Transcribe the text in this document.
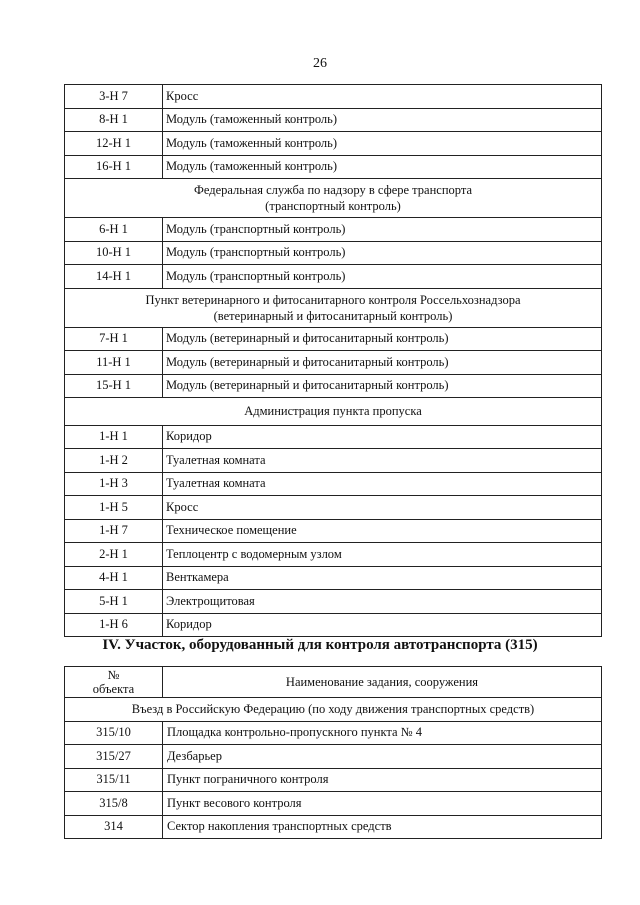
26
3-Н 7	Кросс
8-Н 1	Модуль (таможенный контроль)
12-Н 1	Модуль (таможенный контроль)
16-Н 1	Модуль (таможенный контроль)
Федеральная служба по надзору в сфере транспорта
(транспортный контроль)	
6-Н 1	Модуль (транспортный контроль)
10-Н 1	Модуль (транспортный контроль)
14-Н 1	Модуль (транспортный контроль)
Пункт ветеринарного и фитосанитарного контроля Россельхознадзора
(ветеринарный и фитосанитарный контроль)	
7-Н 1	Модуль (ветеринарный и фитосанитарный контроль)
11-Н 1	Модуль (ветеринарный и фитосанитарный контроль)
15-Н 1	Модуль (ветеринарный и фитосанитарный контроль)
Администрация пункта пропуска	
1-Н 1	Коридор
1-Н 2	Туалетная комната
1-Н 3	Туалетная комната
1-Н 5	Кросс
1-Н 7	Техническое помещение
2-Н 1	Теплоцентр с водомерным узлом
4-Н 1	Венткамера
5-Н 1	Электрощитовая
1-Н 6	Коридор
IV. Участок, оборудованный для контроля автотранспорта (315)
№
объекта	Наименование задания, сооружения
Въезд в Российскую Федерацию (по ходу движения транспортных средств)	
315/10	Площадка контрольно-пропускного пункта № 4
315/27	Дезбарьер
315/11	Пункт пограничного контроля
315/8	Пункт весового контроля
314	Сектор накопления транспортных средств
